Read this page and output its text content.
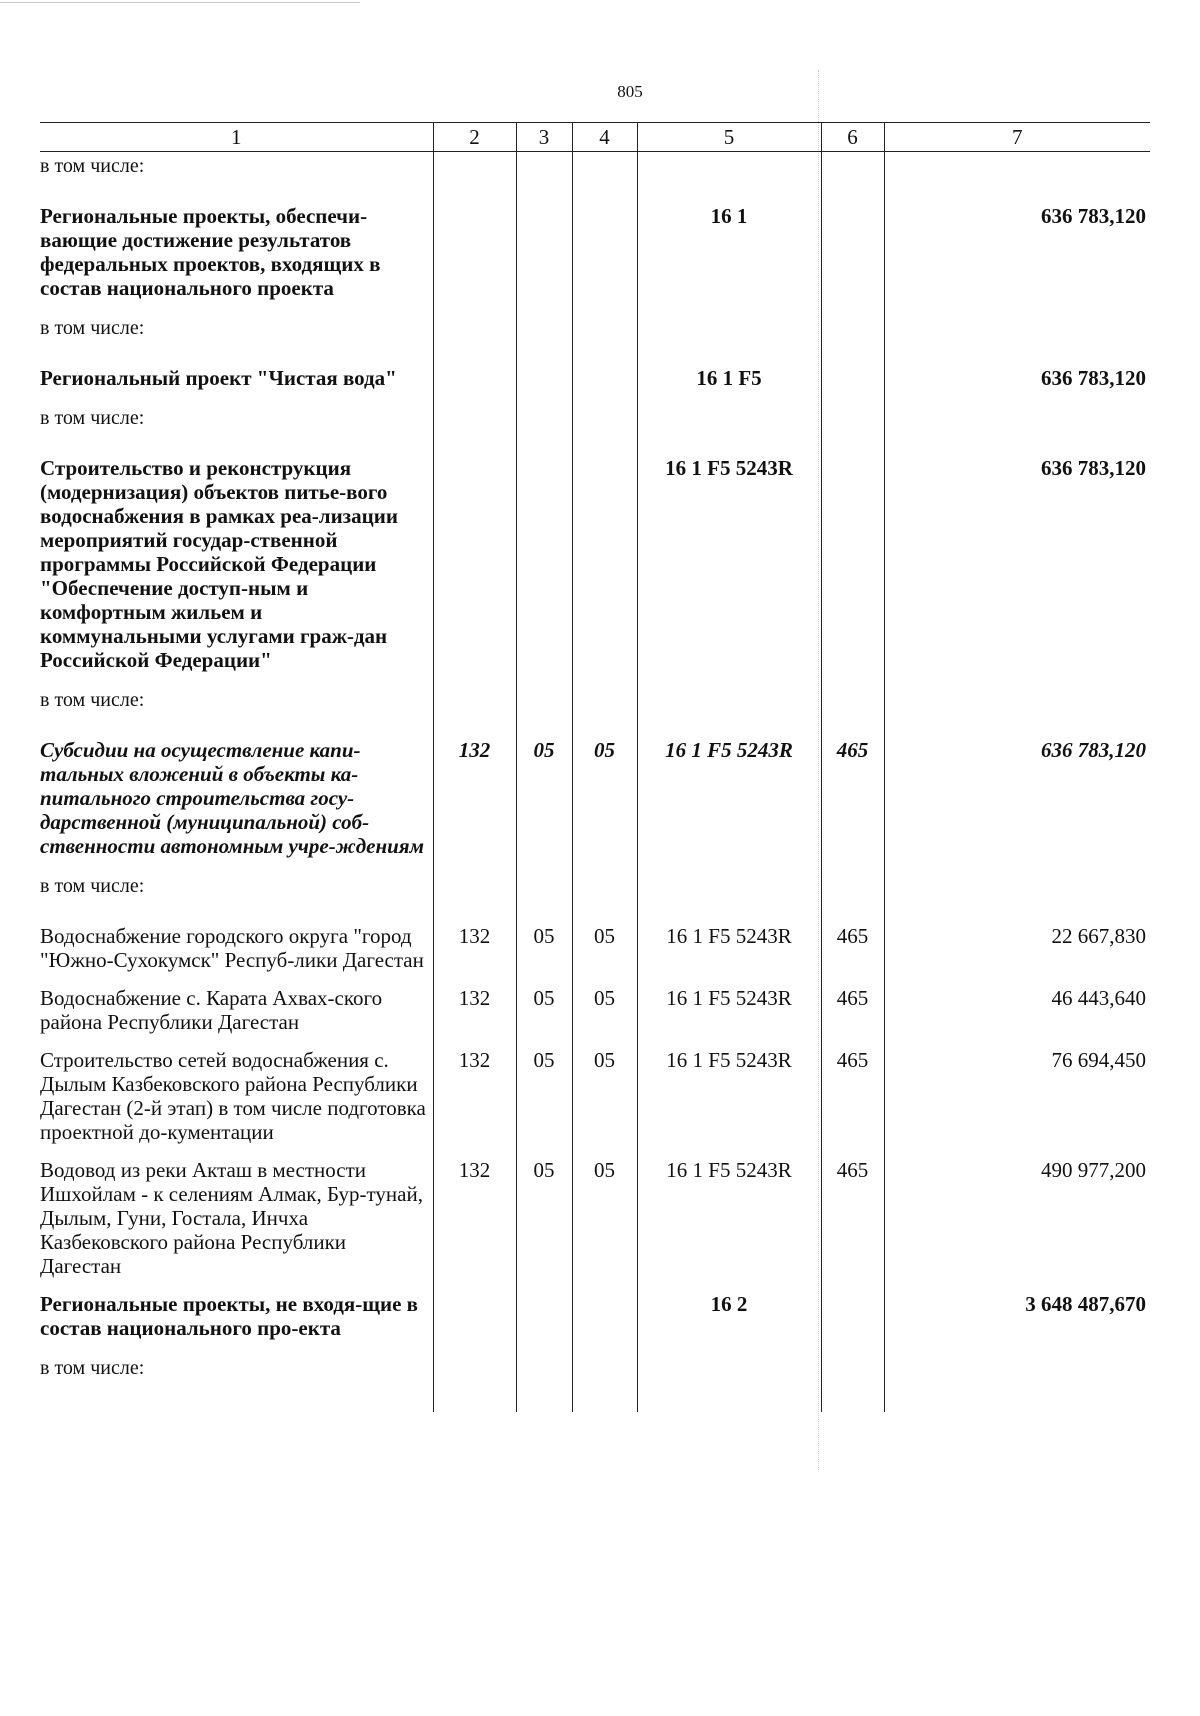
805
1	2	3	4	5	6	7
в том числе:						
Региональные проекты, обеспечи-вающие достижение результатов федеральных проектов, входящих в состав национального проекта				16 1		636 783,120
в том числе:						
Региональный проект "Чистая вода"				16 1 F5		636 783,120
в том числе:						
Строительство и реконструкция (модернизация) объектов питье-вого водоснабжения в рамках реа-лизации мероприятий государ-ственной программы Российской Федерации "Обеспечение доступ-ным и комфортным жильем и коммунальными услугами граж-дан Российской Федерации"				16 1 F5 5243R		636 783,120
в том числе:						
Субсидии на осуществление капи-тальных вложений в объекты ка-питального строительства госу-дарственной (муниципальной) соб-ственности автономным учре-ждениям	132	05	05	16 1 F5 5243R	465	636 783,120
в том числе:						
Водоснабжение городского округа "город "Южно-Сухокумск" Респуб-лики Дагестан	132	05	05	16 1 F5 5243R	465	22 667,830
Водоснабжение с. Карата Ахвах-ского района Республики Дагестан	132	05	05	16 1 F5 5243R	465	46 443,640
Строительство сетей водоснабжения с. Дылым Казбековского района Республики Дагестан (2-й этап) в том числе подготовка проектной до-кументации	132	05	05	16 1 F5 5243R	465	76 694,450
Водовод из реки Акташ в местности Ишхойлам - к селениям Алмак, Бур-тунай, Дылым, Гуни, Гостала, Инчха Казбековского района Республики Дагестан	132	05	05	16 1 F5 5243R	465	490 977,200
Региональные проекты, не входя-щие в состав национального про-екта				16 2		3 648 487,670
в том числе:						
